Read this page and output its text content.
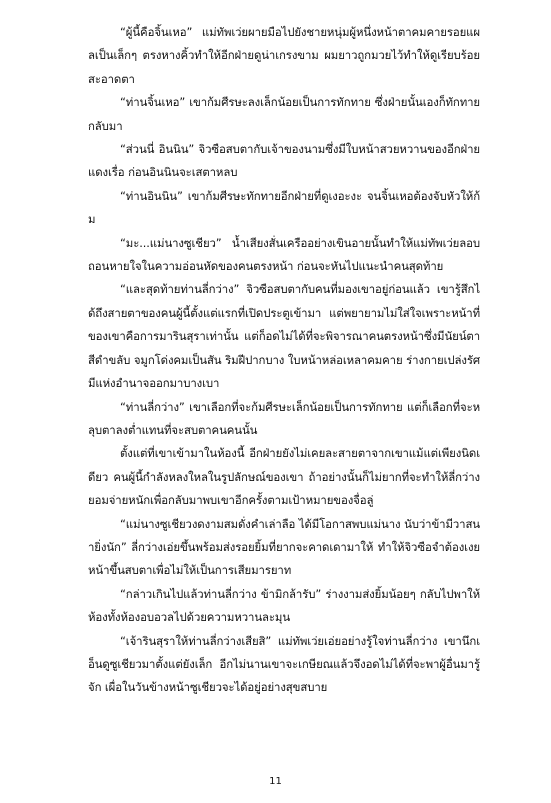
“ผู้นี้คือจิ้นเหอ” แม่ทัพเว่ยผายมือไปยังชายหนุ่มผู้หนึ่งหน้าตาคมคายรอยแผลเป็นเล็กๆ ตรงหางคิ้วทำให้อีกฝ่ายดูน่าเกรงขาม ผมยาวถูกมวยไว้ทำให้ดูเรียบร้อยสะอาดตา

“ท่านจิ้นเหอ” เขาก้มศีรษะลงเล็กน้อยเป็นการทักทาย ซึ่งฝ่ายนั้นเองก็ทักทายกลับมา

“ส่วนนี่ อินนิน” จิวซือสบตากับเจ้าของนามซึ่งมีใบหน้าสวยหวานของอีกฝ่ายแดงเรื่อ ก่อนอินนินจะเสตาหลบ

“ท่านอินนิน” เขาก้มศีรษะทักทายอีกฝ่ายที่ดูเงอะงะ จนจิ้นเหอต้องจับหัวให้ก้ม

“มะ...แม่นางซูเชียว” น้ำเสียงสั่นเครืออย่างเขินอายนั้นทำให้แม่ทัพเว่ยลอบถอนหายใจในความอ่อนหัดของคนตรงหน้า ก่อนจะหันไปแนะนำคนสุดท้าย

“และสุดท้ายท่านลี่กว่าง” จิวซือสบตากับคนที่มองเขาอยู่ก่อนแล้ว เขารู้สึกได้ถึงสายตาของคนผู้นี้ตั้งแต่แรกที่เปิดประตูเข้ามา แต่พยายามไม่ใส่ใจเพราะหน้าที่ของเขาคือการมารินสุราเท่านั้น แต่ก็อดไม่ได้ที่จะพิจารณาคนตรงหน้าซึ่งมีนัยน์ตาสีดำขลับ จมูกโด่งคมเป็นสัน ริมฝีปากบาง ใบหน้าหล่อเหลาคมคาย ร่างกายเปล่งรัศมีแห่งอำนาจออกมาบางเบา

“ท่านลี่กว่าง” เขาเลือกที่จะก้มศีรษะเล็กน้อยเป็นการทักทาย แต่ก็เลือกที่จะหลุบตาลงต่ำแทนที่จะสบตาคนคนนั้น

ตั้งแต่ที่เขาเข้ามาในห้องนี้ อีกฝ่ายยังไม่เคยละสายตาจากเขาแม้แต่เพียงนิดเดียว คนผู้นี้กำลังหลงใหลในรูปลักษณ์ของเขา ถ้าอย่างนั้นก็ไม่ยากที่จะทำให้ลี่กว่างยอมจ่ายหนักเพื่อกลับมาพบเขาอีกครั้งตามเป้าหมายของจื่อลู่

“แม่นางซูเชียวงดงามสมดั่งคำเล่าลือ ได้มีโอกาสพบแม่นาง นับว่าข้ามีวาสนายิ่งนัก” ลี่กว่างเอ่ยขึ้นพร้อมส่งรอยยิ้มที่ยากจะคาดเดามาให้ ทำให้จิวซือจำต้องเงยหน้าขึ้นสบตาเพื่อไม่ให้เป็นการเสียมารยาท

“กล่าวเกินไปแล้วท่านลี่กว่าง ข้ามิกล้ารับ” ร่างงามส่งยิ้มน้อยๆ กลับไปพาให้ห้องทั้งห้องอบอวลไปด้วยความหวานละมุน

“เจ้ารินสุราให้ท่านลี่กว่างเสียสิ” แม่ทัพเว่ยเอ่ยอย่างรู้ใจท่านลี่กว่าง เขานึกเอ็นดูซูเชียวมาตั้งแต่ยังเล็ก อีกไม่นานเขาจะเกษียณแล้วจึงอดไม่ได้ที่จะพาผู้อื่นมารู้จัก เผื่อในวันข้างหน้าซูเชียวจะได้อยู่อย่างสุขสบาย

11
